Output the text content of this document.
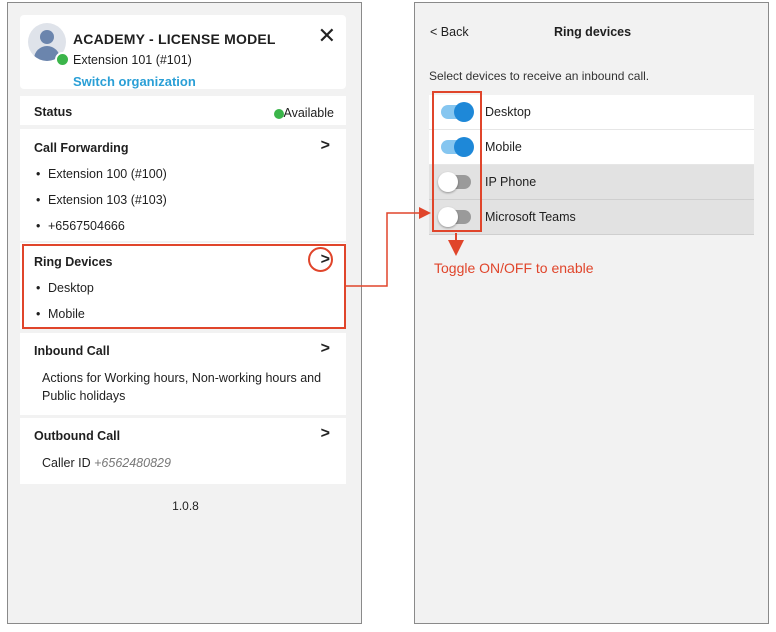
ACADEMY - LICENSE MODEL
Extension 101 (#101)
Switch organization
✕
Status	Available
Call Forwarding	>
• Extension 100 (#100)
• Extension 103 (#103)
• +6567504666
Ring Devices	>
• Desktop
• Mobile
Inbound Call	>
Actions for Working hours, Non-working hours and Public holidays
Outbound Call	>
Caller ID +6562480829
1.0.8
< Back	Ring devices
Select devices to receive an inbound call.
Desktop
Mobile
IP Phone
Microsoft Teams
Toggle ON/OFF to enable
